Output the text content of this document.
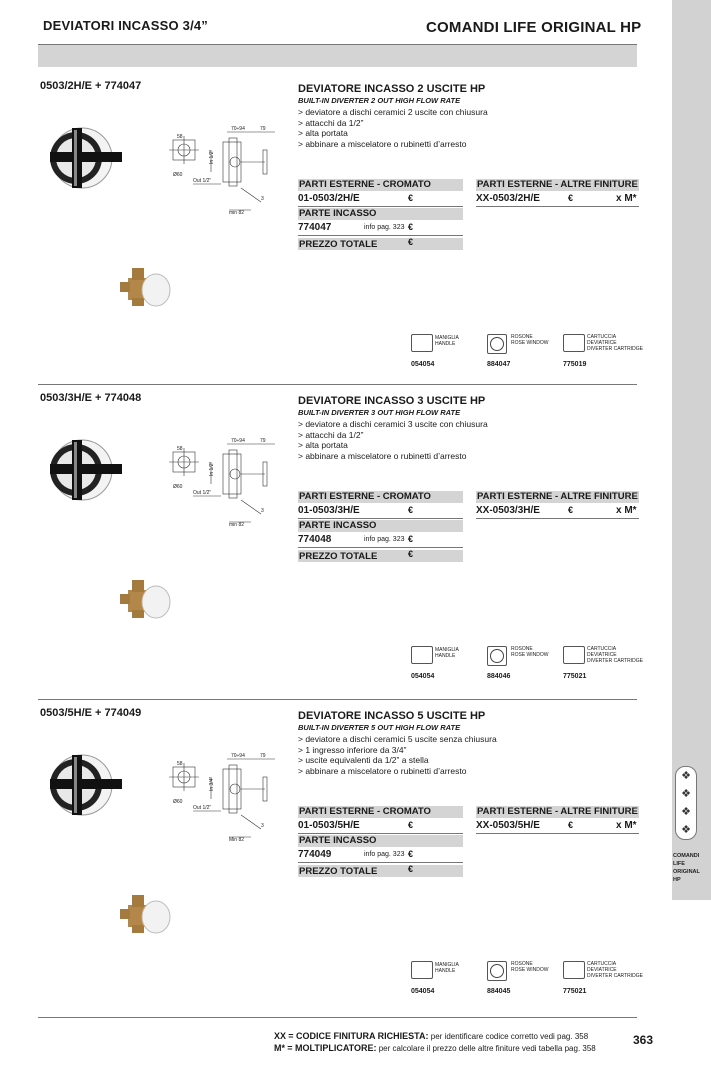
❖
❖
❖
❖
COMANDI
LIFE ORIGINAL
HP
DEVIATORI INCASSO 3/4”	COMANDI LIFE ORIGINAL HP
0503/2H/E + 774047
58
Ø60
Out 1/2”
In 1/2”
70÷94	79
min 82
3
DEVIATORE INCASSO 2 USCITE HP
BUILT-IN DIVERTER 2 OUT HIGH FLOW RATE
> deviatore a dischi ceramici 2 uscite con chiusura
> attacchi da 1/2”
> alta portata
> abbinare a miscelatore o rubinetti d’arresto
PARTI ESTERNE - CROMATO	PARTI ESTERNE - ALTRE FINITURE
01-0503/2H/E	€	XX-0503/2H/E	€	x M*
PARTE INCASSO
774047	info pag. 323 €
PREZZO TOTALE	€
MANIGLIA
HANDLE
054054
ROSONE
ROSE WINDOW
884047
CARTUCCIA
DEVIATRICE
DIVERTER CARTRIDGE
775019
0503/3H/E + 774048
58
Ø60
Out 1/2”
In 1/2”
70÷94	79
min 82
3
DEVIATORE INCASSO 3 USCITE HP
BUILT-IN DIVERTER 3 OUT HIGH FLOW RATE
> deviatore a dischi ceramici 3 uscite con chiusura
> attacchi da 1/2”
> alta portata
> abbinare a miscelatore o rubinetti d’arresto
PARTI ESTERNE - CROMATO	PARTI ESTERNE - ALTRE FINITURE
01-0503/3H/E	€	XX-0503/3H/E	€	x M*
PARTE INCASSO
774048	info pag. 323 €
PREZZO TOTALE	€
MANIGLIA
HANDLE
054054
ROSONE
ROSE WINDOW
884046
CARTUCCIA
DEVIATRICE
DIVERTER CARTRIDGE
775021
0503/5H/E + 774049
58
Ø60
Out 1/2”
In 3/4”
70÷94	79
Min 82
3
DEVIATORE INCASSO 5 USCITE HP
BUILT-IN DIVERTER 5 OUT HIGH FLOW RATE
> deviatore a dischi ceramici 5 uscite senza chiusura
> 1 ingresso inferiore da 3/4”
> uscite equivalenti da 1/2” a stella
> abbinare a miscelatore o rubinetti d’arresto
PARTI ESTERNE - CROMATO	PARTI ESTERNE - ALTRE FINITURE
01-0503/5H/E	€	XX-0503/5H/E	€	x M*
PARTE INCASSO
774049	info pag. 323 €
PREZZO TOTALE	€
MANIGLIA
HANDLE
054054
ROSONE
ROSE WINDOW
884045
CARTUCCIA
DEVIATRICE
DIVERTER CARTRIDGE
775021
XX = CODICE FINITURA RICHIESTA: per identificare codice corretto vedi pag. 358
M* = MOLTIPLICATORE: per calcolare il prezzo delle altre finiture vedi tabella pag. 358
363
